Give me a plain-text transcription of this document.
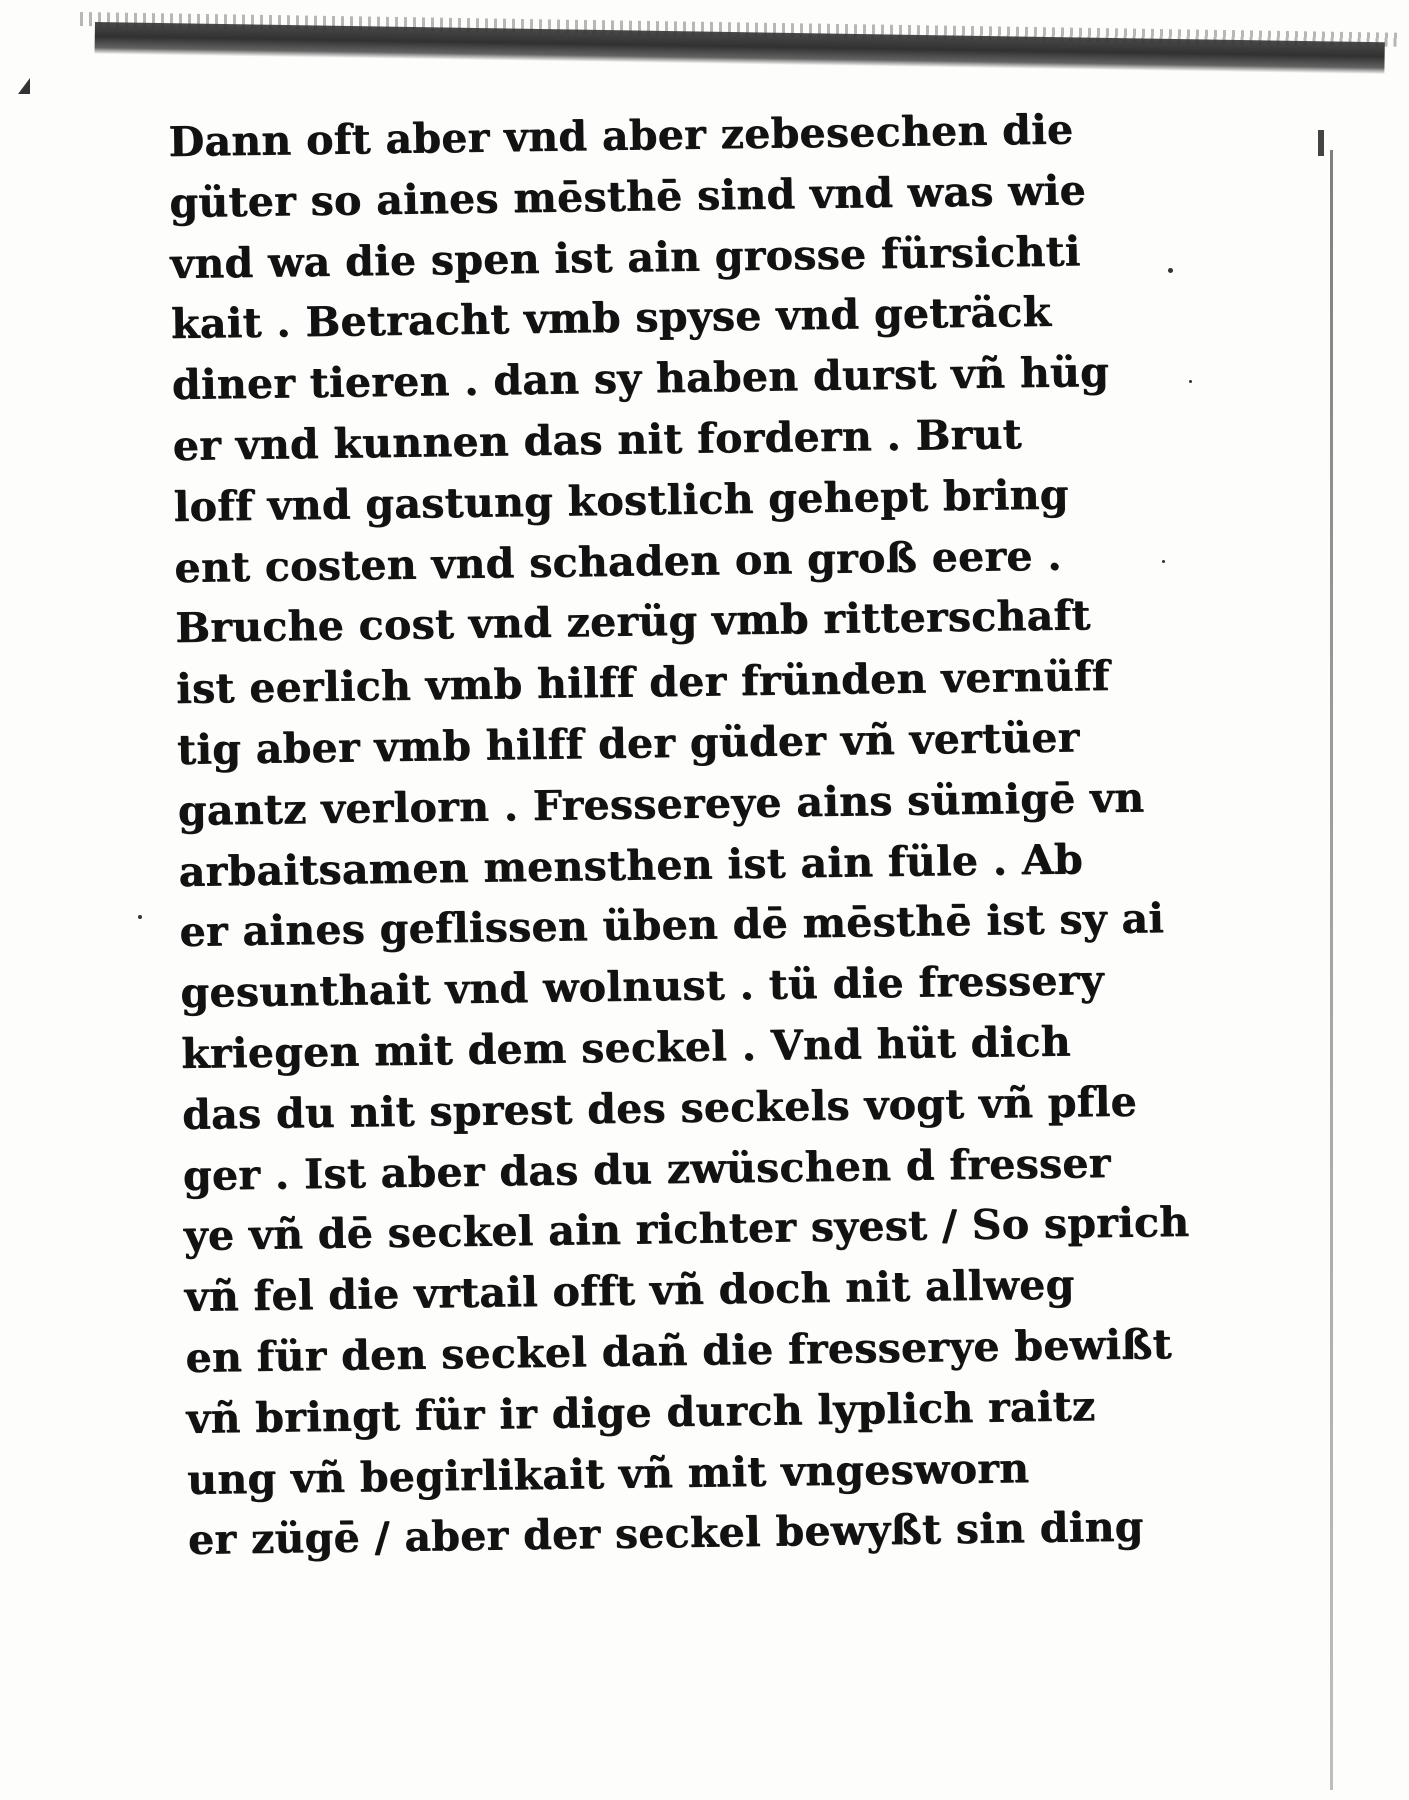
Dann oft aber vnd aber zebesechen die
güter so aines mēsthē sind vnd was wie
vnd wa die spen ist ain grosse fürsichti
kait . Betracht vmb spyse vnd geträck
diner tieren . dan sy haben durst vñ hüg
er vnd kunnen das nit fordern . Brut
loff vnd gastung kostlich gehept bring
ent costen vnd schaden on groß eere .
Bruche cost vnd zerüg vmb ritterschaft
ist eerlich vmb hilff der fründen vernüff
tig aber vmb hilff der güder vñ vertüer
gantz verlorn . Fressereye ains sümigē vn
arbaitsamen mensthen ist ain füle . Ab
er aines geflissen üben dē mēsthē ist sy ai
gesunthait vnd wolnust . tü die fressery
kriegen mit dem seckel . Vnd hüt dich
das du nit sprest des seckels vogt vñ pfle
ger . Ist aber das du zwüschen d fresser
ye vñ dē seckel ain richter syest / So sprich
vñ fel die vrtail offt vñ doch nit allweg
en für den seckel dañ die fresserye bewißt
vñ bringt für ir dige durch lyplich raitz
ung vñ begirlikait vñ mit vngesworn
er zügē / aber der seckel bewyßt sin ding
